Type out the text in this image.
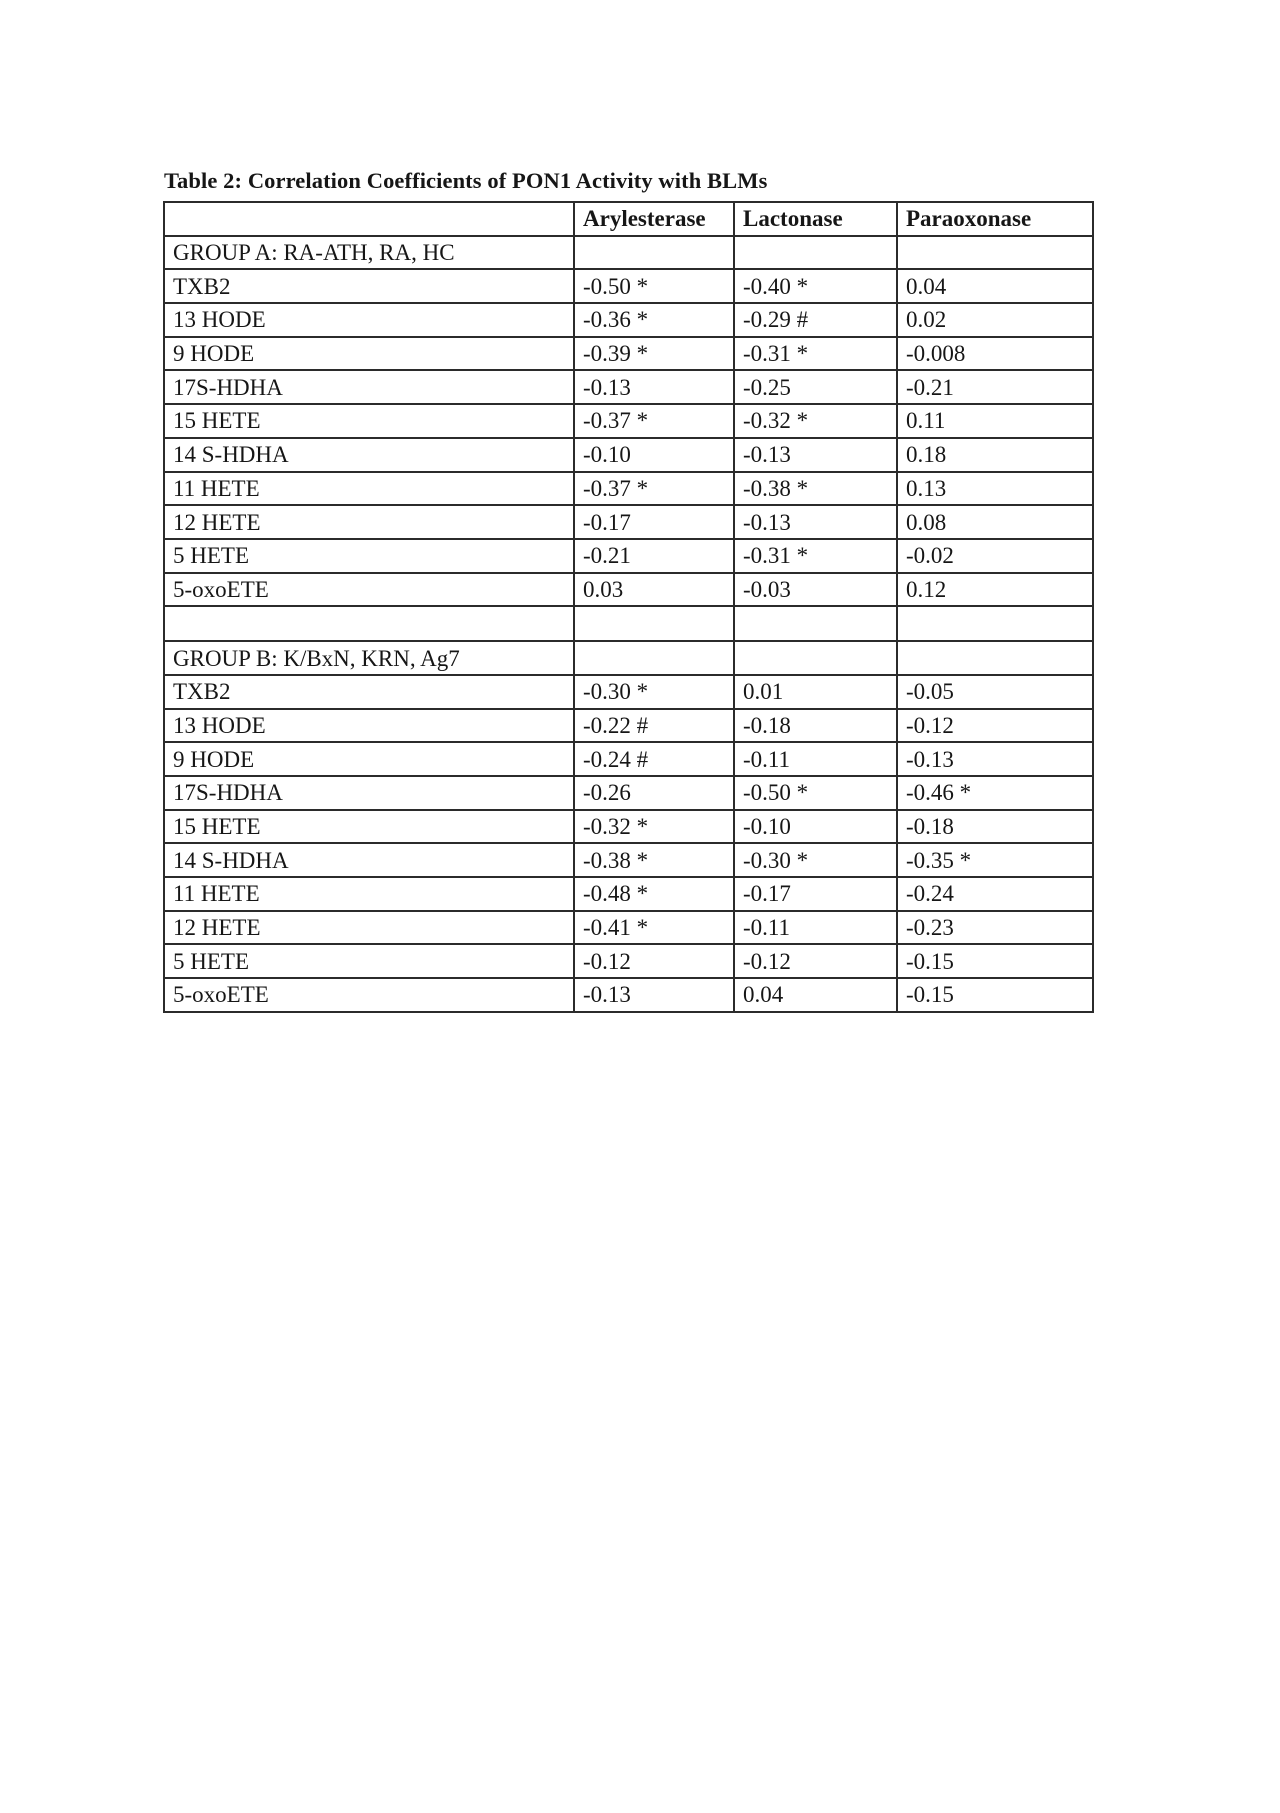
Table 2: Correlation Coefficients of PON1 Activity with BLMs
	Arylesterase	Lactonase	Paraoxonase
GROUP A: RA-ATH, RA, HC			
TXB2	-0.50 *	-0.40 *	0.04
13 HODE	-0.36 *	-0.29 #	0.02
9 HODE	-0.39 *	-0.31 *	-0.008
17S-HDHA	-0.13	-0.25	-0.21
15 HETE	-0.37 *	-0.32 *	0.11
14 S-HDHA	-0.10	-0.13	0.18
11 HETE	-0.37 *	-0.38 *	0.13
12 HETE	-0.17	-0.13	0.08
5 HETE	-0.21	-0.31 *	-0.02
5-oxoETE	0.03	-0.03	0.12

GROUP B: K/BxN, KRN, Ag7			
TXB2	-0.30 *	0.01	-0.05
13 HODE	-0.22 #	-0.18	-0.12
9 HODE	-0.24 #	-0.11	-0.13
17S-HDHA	-0.26	-0.50 *	-0.46 *
15 HETE	-0.32 *	-0.10	-0.18
14 S-HDHA	-0.38 *	-0.30 *	-0.35 *
11 HETE	-0.48 *	-0.17	-0.24
12 HETE	-0.41 *	-0.11	-0.23
5 HETE	-0.12	-0.12	-0.15
5-oxoETE	-0.13	0.04	-0.15
